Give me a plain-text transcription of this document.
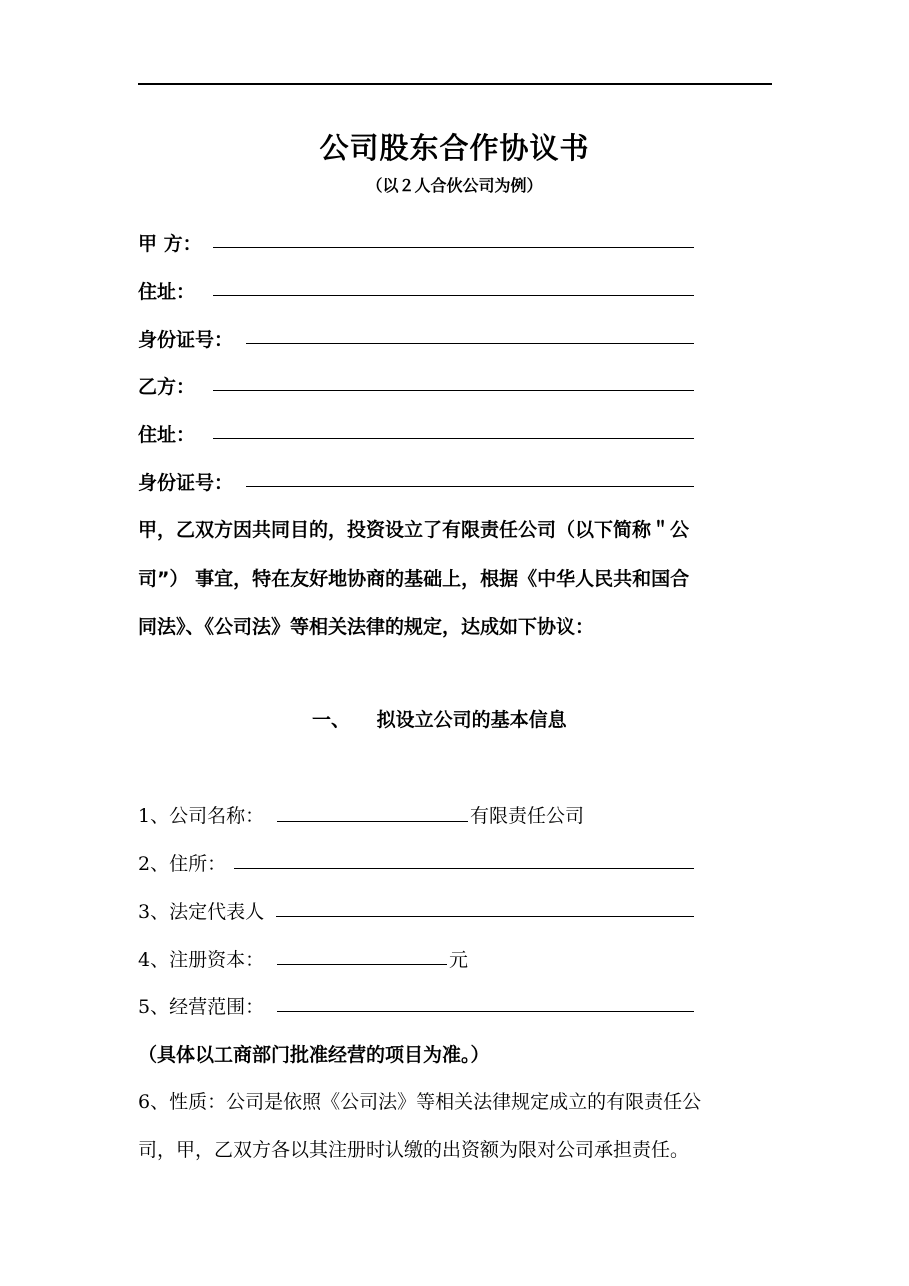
公司股东合作协议书
（以２人合伙公司为例）
甲 方：
住址：
身份证号：
乙方：
住址：
身份证号：
甲，乙双方因共同目的，投资设立了有限责任公司（以下简称＂公
司”） 事宜，特在友好地协商的基础上，根据《中华人民共和国合
同法》、《公司法》等相关法律的规定，达成如下协议：
一、 拟设立公司的基本信息
1、公司名称：	有限责任公司
2、住所：
3、法定代表人
4、注册资本：	元
5、经营范围：
（具体以工商部门批准经营的项目为准。）
6、性质：公司是依照《公司法》等相关法律规定成立的有限责任公
司，甲，乙双方各以其注册时认缴的出资额为限对公司承担责任。
